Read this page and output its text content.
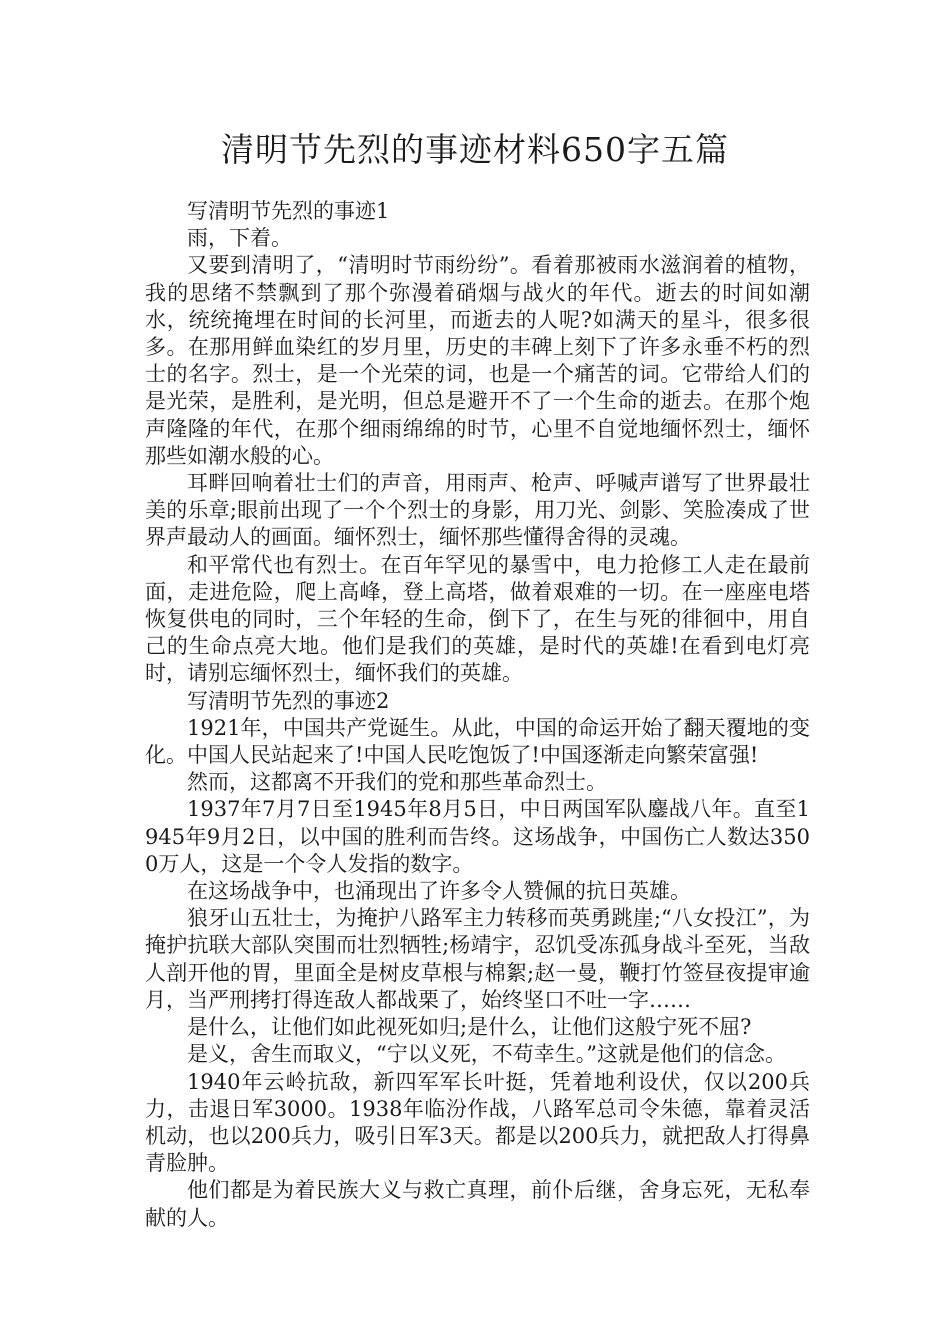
清明节先烈的事迹材料650字五篇

写清明节先烈的事迹1

雨，下着。

又要到清明了，“清明时节雨纷纷”。看着那被雨水滋润着的植物，我的思绪不禁飘到了那个弥漫着硝烟与战火的年代。逝去的时间如潮水，统统掩埋在时间的长河里，而逝去的人呢?如满天的星斗，很多很多。在那用鲜血染红的岁月里，历史的丰碑上刻下了许多永垂不朽的烈士的名字。烈士，是一个光荣的词，也是一个痛苦的词。它带给人们的是光荣，是胜利，是光明，但总是避开不了一个生命的逝去。在那个炮声隆隆的年代，在那个细雨绵绵的时节，心里不自觉地缅怀烈士，缅怀那些如潮水般的心。

耳畔回响着壮士们的声音，用雨声、枪声、呼喊声谱写了世界最壮美的乐章;眼前出现了一个个烈士的身影，用刀光、剑影、笑脸凑成了世界声最动人的画面。缅怀烈士，缅怀那些懂得舍得的灵魂。

和平常代也有烈士。在百年罕见的暴雪中，电力抢修工人走在最前面，走进危险，爬上高峰，登上高塔，做着艰难的一切。在一座座电塔恢复供电的同时，三个年轻的生命，倒下了，在生与死的徘徊中，用自己的生命点亮大地。他们是我们的英雄，是时代的英雄!在看到电灯亮时，请别忘缅怀烈士，缅怀我们的英雄。

写清明节先烈的事迹2

1921年，中国共产党诞生。从此，中国的命运开始了翻天覆地的变化。中国人民站起来了!中国人民吃饱饭了!中国逐渐走向繁荣富强!

然而，这都离不开我们的党和那些革命烈士。

1937年7月7日至1945年8月5日，中日两国军队鏖战八年。直至1945年9月2日，以中国的胜利而告终。这场战争，中国伤亡人数达3500万人，这是一个令人发指的数字。

在这场战争中，也涌现出了许多令人赞佩的抗日英雄。

狼牙山五壮士，为掩护八路军主力转移而英勇跳崖;“八女投江”，为掩护抗联大部队突围而壮烈牺牲;杨靖宇，忍饥受冻孤身战斗至死，当敌人剖开他的胃，里面全是树皮草根与棉絮;赵一曼，鞭打竹签昼夜提审逾月，当严刑拷打得连敌人都战栗了，始终坚口不吐一字……

是什么，让他们如此视死如归;是什么，让他们这般宁死不屈?

是义，舍生而取义，“宁以义死，不苟幸生。”这就是他们的信念。

1940年云岭抗敌，新四军军长叶挺，凭着地利设伏，仅以200兵力，击退日军3000。1938年临汾作战，八路军总司令朱德，靠着灵活机动，也以200兵力，吸引日军3天。都是以200兵力，就把敌人打得鼻青脸肿。

他们都是为着民族大义与救亡真理，前仆后继，舍身忘死，无私奉献的人。
